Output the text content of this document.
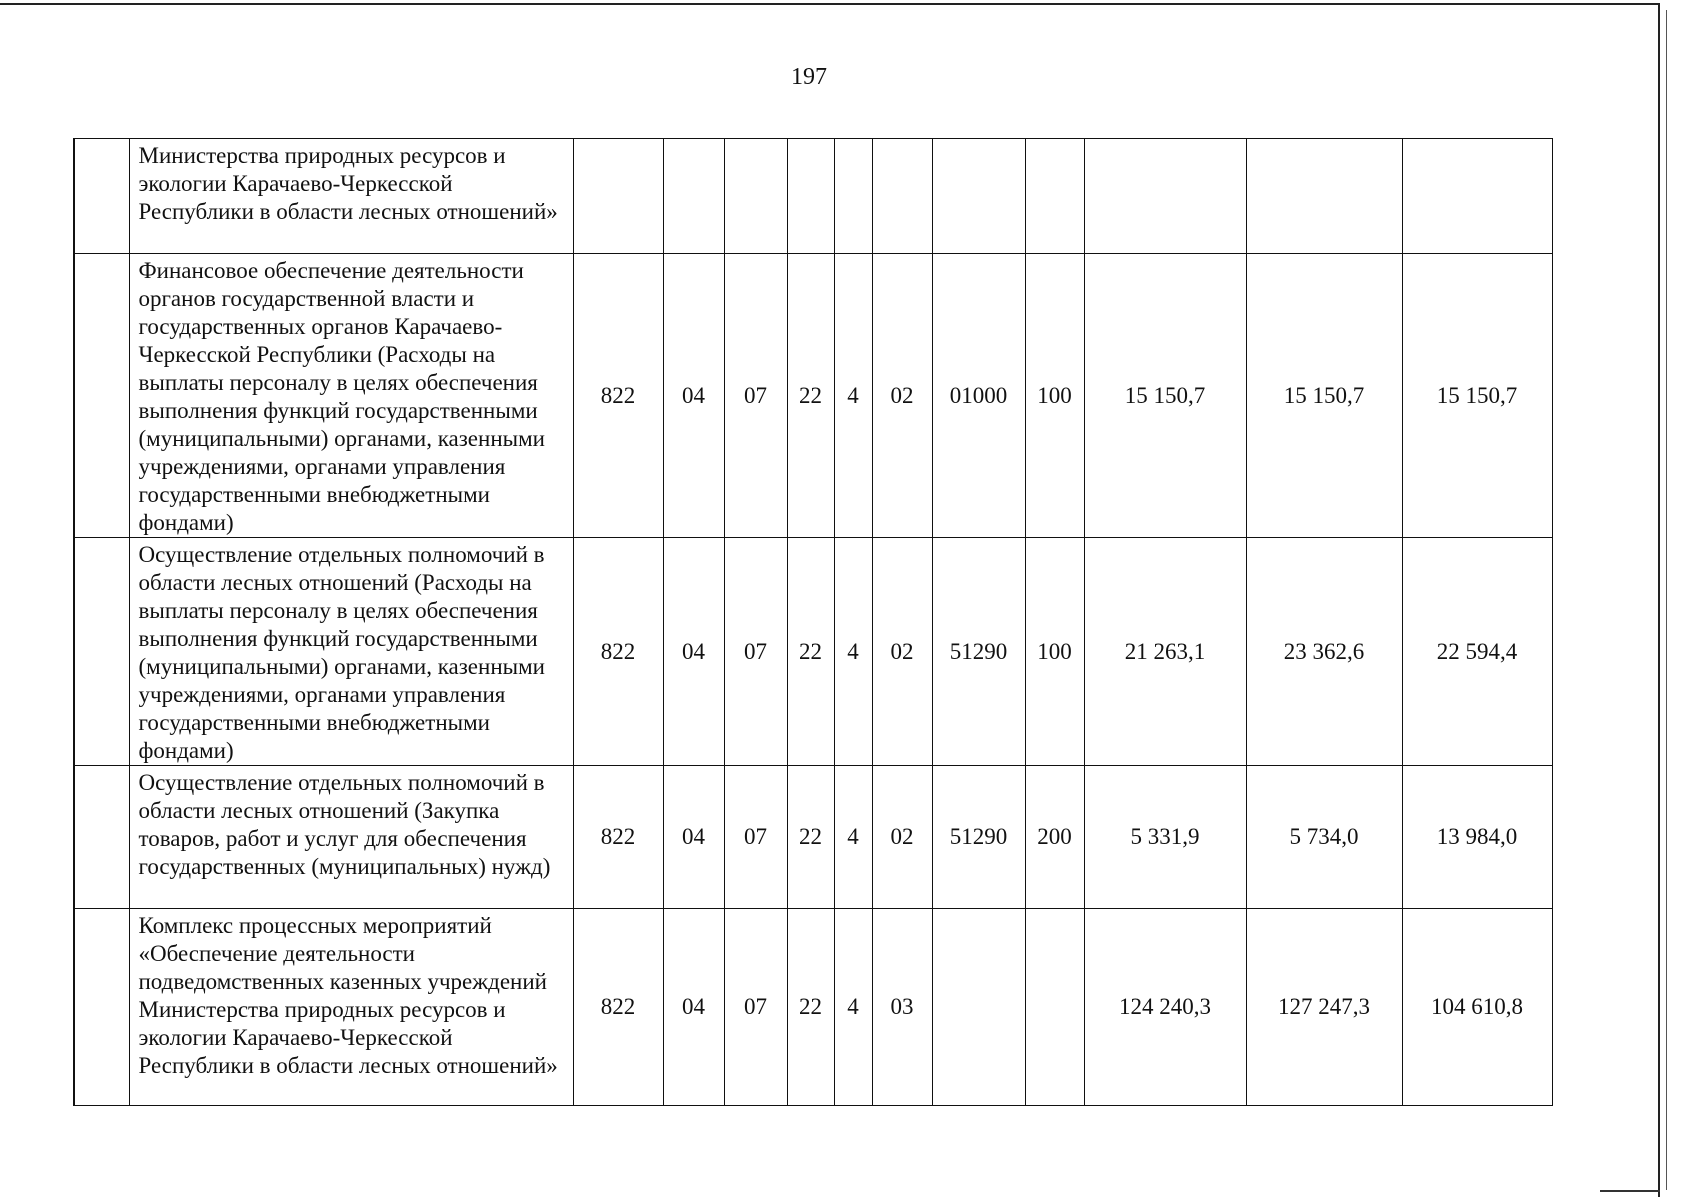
197
	Министерства природных ресурсов и экологии Карачаево-Черкесской Республики в области лесных отношений»											
	Финансовое обеспечение деятельности органов государственной власти и государственных органов Карачаево-Черкесской Республики (Расходы на выплаты персоналу в целях обеспечения выполнения функций государственными (муниципальными) органами, казенными учреждениями, органами управления государственными внебюджетными фондами)	822	04	07	22	4	02	01000	100	15 150,7	15 150,7	15 150,7
	Осуществление отдельных полномочий в области лесных отношений (Расходы на выплаты персоналу в целях обеспечения выполнения функций государственными (муниципальными) органами, казенными учреждениями, органами управления государственными внебюджетными фондами)	822	04	07	22	4	02	51290	100	21 263,1	23 362,6	22 594,4
	Осуществление отдельных полномочий в области лесных отношений (Закупка товаров, работ и услуг для обеспечения государственных (муниципальных) нужд)	822	04	07	22	4	02	51290	200	5 331,9	5 734,0	13 984,0
	Комплекс процессных мероприятий «Обеспечение деятельности подведомственных казенных учреждений Министерства природных ресурсов и экологии Карачаево-Черкесской Республики в области лесных отношений»	822	04	07	22	4	03			124 240,3	127 247,3	104 610,8
